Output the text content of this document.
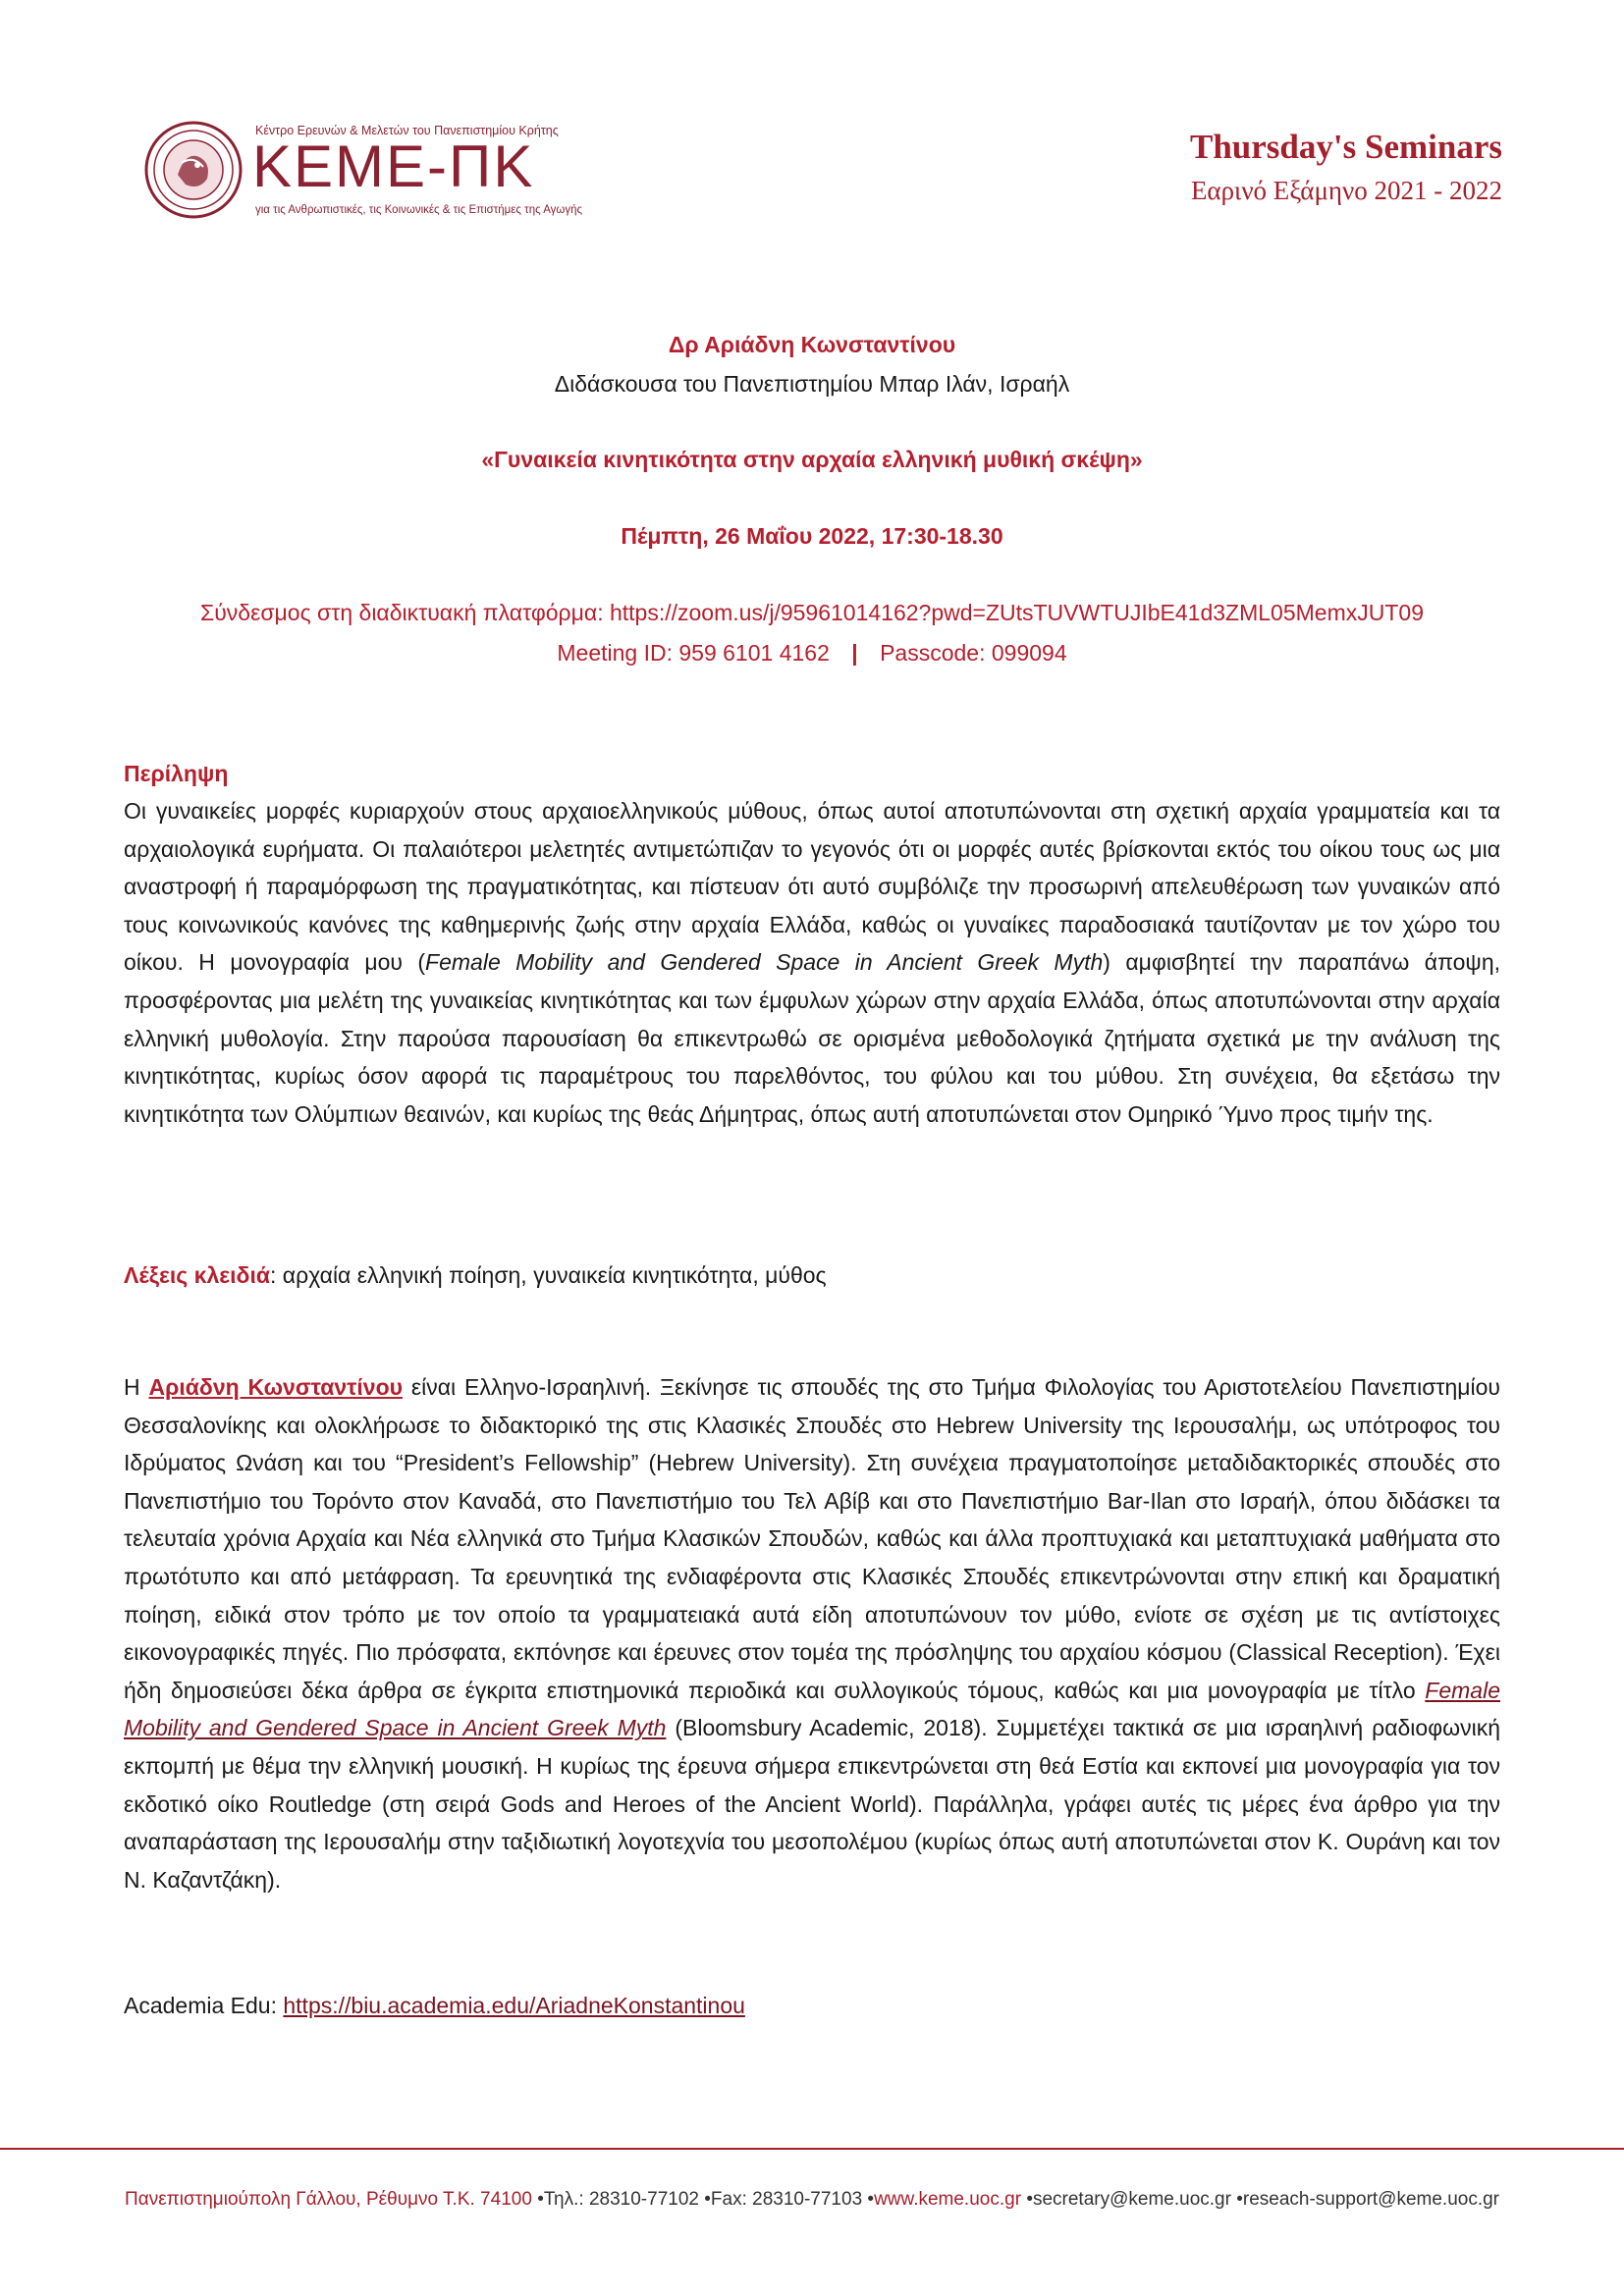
Κέντρο Ερευνών & Μελετών του Πανεπιστημίου Κρήτης
ΚΕΜΕ-ΠΚ
για τις Ανθρωπιστικές, τις Κοινωνικές & τις Επιστήμες της Αγωγής
Thursday's Seminars
Εαρινό Εξάμηνο 2021 - 2022
Δρ Αριάδνη Κωνσταντίνου
Διδάσκουσα του Πανεπιστημίου Μπαρ Ιλάν, Ισραήλ
«Γυναικεία κινητικότητα στην αρχαία ελληνική μυθική σκέψη»
Πέμπτη, 26 Μαΐου 2022, 17:30-18.30
Σύνδεσμος στη διαδικτυακή πλατφόρμα: https://zoom.us/j/95961014162?pwd=ZUtsTUVWTUJIbE41d3ZML05MemxJUT09
Meeting ID: 959 6101 4162 | Passcode: 099094
Περίληψη
Οι γυναικείες μορφές κυριαρχούν στους αρχαιοελληνικούς μύθους, όπως αυτοί αποτυπώνονται στη σχετική αρχαία γραμματεία και τα αρχαιολογικά ευρήματα. Οι παλαιότεροι μελετητές αντιμετώπιζαν το γεγονός ότι οι μορφές αυτές βρίσκονται εκτός του οίκου τους ως μια αναστροφή ή παραμόρφωση της πραγματικότητας, και πίστευαν ότι αυτό συμβόλιζε την προσωρινή απελευθέρωση των γυναικών από τους κοινωνικούς κανόνες της καθημερινής ζωής στην αρχαία Ελλάδα, καθώς οι γυναίκες παραδοσιακά ταυτίζονταν με τον χώρο του οίκου. Η μονογραφία μου (Female Mobility and Gendered Space in Ancient Greek Myth) αμφισβητεί την παραπάνω άποψη, προσφέροντας μια μελέτη της γυναικείας κινητικότητας και των έμφυλων χώρων στην αρχαία Ελλάδα, όπως αποτυπώνονται στην αρχαία ελληνική μυθολογία. Στην παρούσα παρουσίαση θα επικεντρωθώ σε ορισμένα μεθοδολογικά ζητήματα σχετικά με την ανάλυση της κινητικότητας, κυρίως όσον αφορά τις παραμέτρους του παρελθόντος, του φύλου και του μύθου. Στη συνέχεια, θα εξετάσω την κινητικότητα των Ολύμπιων θεαινών, και κυρίως της θεάς Δήμητρας, όπως αυτή αποτυπώνεται στον Ομηρικό Ύμνο προς τιμήν της.
Λέξεις κλειδιά: αρχαία ελληνική ποίηση, γυναικεία κινητικότητα, μύθος
Η Αριάδνη Κωνσταντίνου είναι Ελληνο-Ισραηλινή. Ξεκίνησε τις σπουδές της στο Τμήμα Φιλολογίας του Αριστοτελείου Πανεπιστημίου Θεσσαλονίκης και ολοκλήρωσε το διδακτορικό της στις Κλασικές Σπουδές στο Hebrew University της Ιερουσαλήμ, ως υπότροφος του Ιδρύματος Ωνάση και του “President’s Fellowship” (Hebrew University). Στη συνέχεια πραγματοποίησε μεταδιδακτορικές σπουδές στο Πανεπιστήμιο του Τορόντο στον Καναδά, στο Πανεπιστήμιο του Τελ Αβίβ και στο Πανεπιστήμιο Bar-Ilan στο Ισραήλ, όπου διδάσκει τα τελευταία χρόνια Αρχαία και Νέα ελληνικά στο Τμήμα Κλασικών Σπουδών, καθώς και άλλα προπτυχιακά και μεταπτυχιακά μαθήματα στο πρωτότυπο και από μετάφραση. Τα ερευνητικά της ενδιαφέροντα στις Κλασικές Σπουδές επικεντρώνονται στην επική και δραματική ποίηση, ειδικά στον τρόπο με τον οποίο τα γραμματειακά αυτά είδη αποτυπώνουν τον μύθο, ενίοτε σε σχέση με τις αντίστοιχες εικονογραφικές πηγές. Πιο πρόσφατα, εκπόνησε και έρευνες στον τομέα της πρόσληψης του αρχαίου κόσμου (Classical Reception). Έχει ήδη δημοσιεύσει δέκα άρθρα σε έγκριτα επιστημονικά περιοδικά και συλλογικούς τόμους, καθώς και μια μονογραφία με τίτλο Female Mobility and Gendered Space in Ancient Greek Myth (Bloomsbury Academic, 2018). Συμμετέχει τακτικά σε μια ισραηλινή ραδιοφωνική εκπομπή με θέμα την ελληνική μουσική. Η κυρίως της έρευνα σήμερα επικεντρώνεται στη θεά Εστία και εκπονεί μια μονογραφία για τον εκδοτικό οίκο Routledge (στη σειρά Gods and Heroes of the Ancient World). Παράλληλα, γράφει αυτές τις μέρες ένα άρθρο για την αναπαράσταση της Ιερουσαλήμ στην ταξιδιωτική λογοτεχνία του μεσοπολέμου (κυρίως όπως αυτή αποτυπώνεται στον Κ. Ουράνη και τον Ν. Καζαντζάκη).
Academia Edu: https://biu.academia.edu/AriadneKonstantinou
Πανεπιστημιούπολη Γάλλου, Ρέθυμνο Τ.Κ. 74100 •Τηλ.: 28310-77102 •Fax: 28310-77103 •www.keme.uoc.gr •secretary@keme.uoc.gr •reseach-support@keme.uoc.gr
